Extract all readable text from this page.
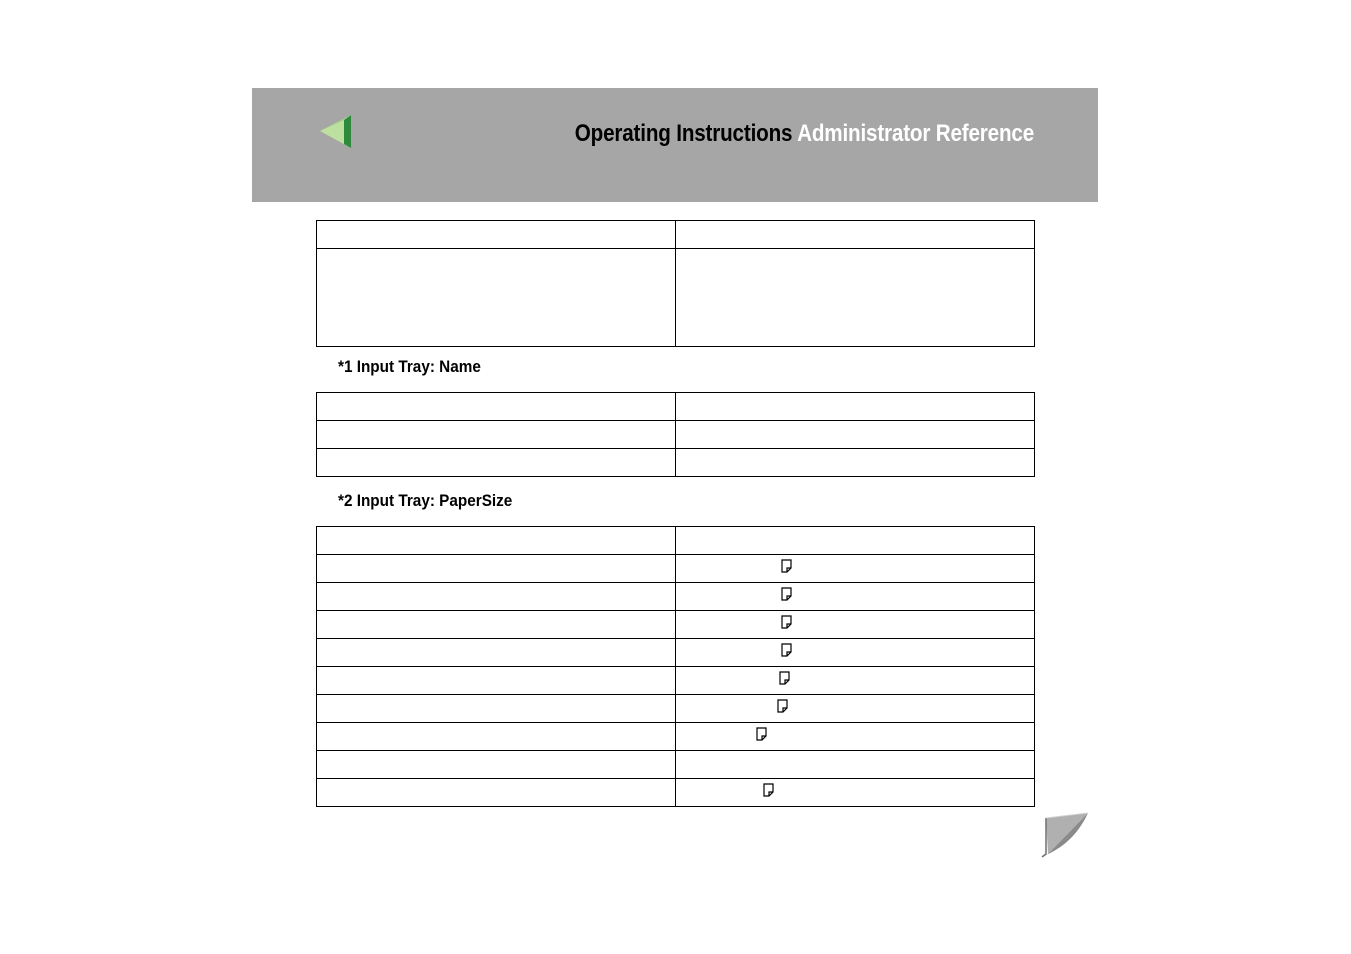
Operating Instructions Administrator Reference

*1 Input Tray: Name

*2 Input Tray: PaperSize
